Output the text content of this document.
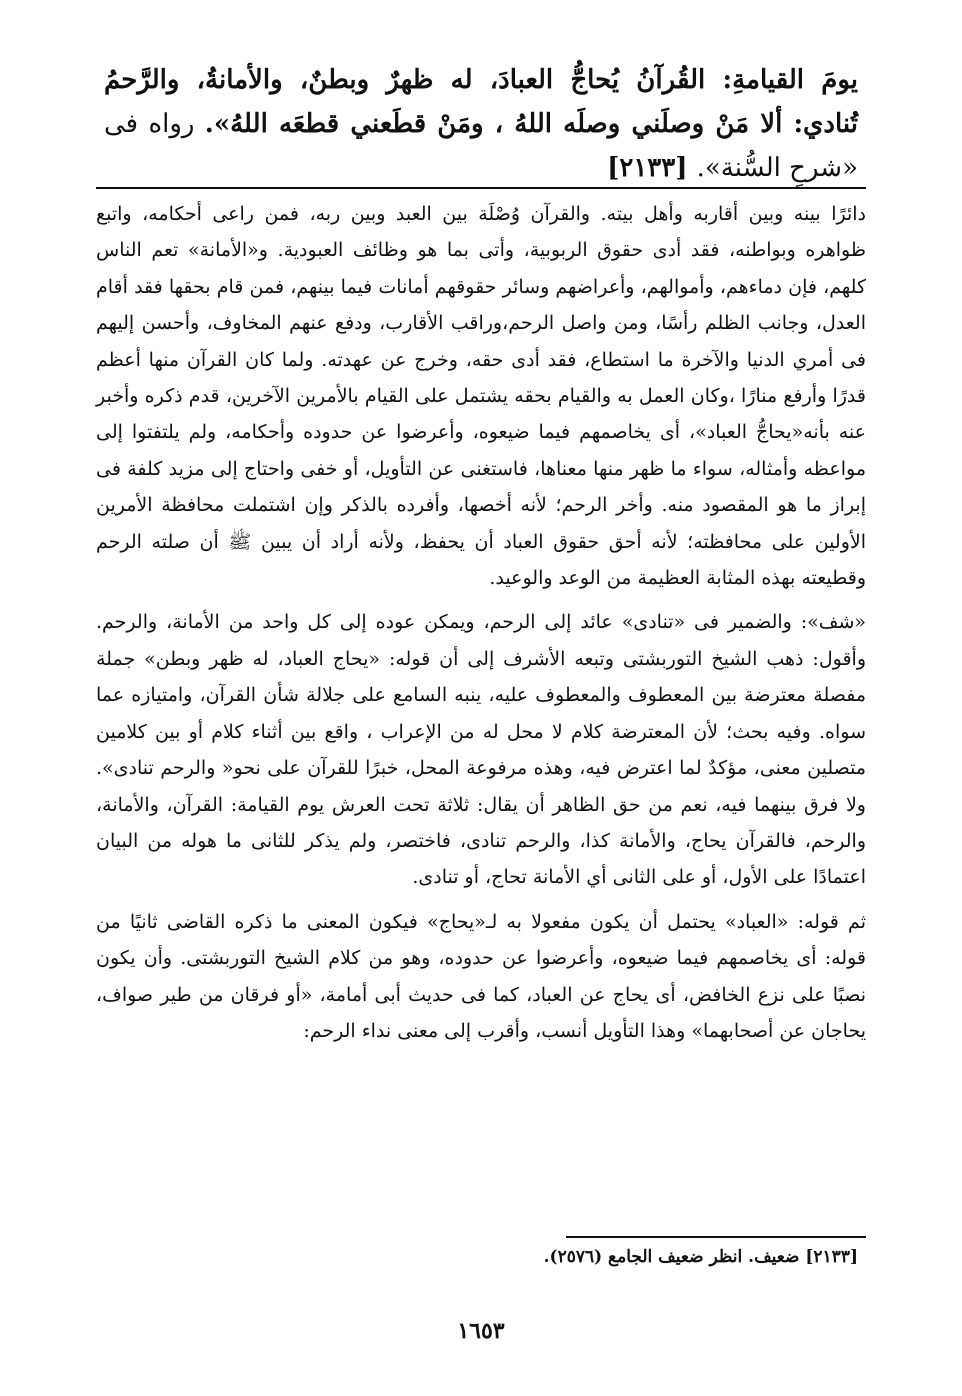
يومَ القيامةِ: القُرآنُ يُحاجُّ العبادَ، له ظهرٌ وبطنٌ، والأمانةُ، والرَّحمُ تُنادي: ألا مَنْ وصلَني وصلَه اللهُ ، ومَنْ قطَعني قطعَه اللهُ». رواه فى «شرحِ السُّنة». [٢١٣٣]

دائرًا بينه وبين أقاربه وأهل بيته. والقرآن وُصْلَة بين العبد وبين ربه، فمن راعى أحكامه، واتبع ظواهره وبواطنه، فقد أدى حقوق الربوبية، وأتى بما هو وظائف العبودية. و«الأمانة» تعم الناس كلهم، فإن دماءهم، وأموالهم، وأعراضهم وسائر حقوقهم أمانات فيما بينهم، فمن قام بحقها فقد أقام العدل، وجانب الظلم رأسًا، ومن واصل الرحم،وراقب الأقارب، ودفع عنهم المخاوف، وأحسن إليهم فى أمري الدنيا والآخرة ما استطاع، فقد أدى حقه، وخرج عن عهدته. ولما كان القرآن منها أعظم قدرًا وأرفع منارًا ،وكان العمل به والقيام بحقه يشتمل على القيام بالأمرين الآخرين، قدم ذكره وأخبر عنه بأنه«يحاجُّ العباد»، أى يخاصمهم فيما ضيعوه، وأعرضوا عن حدوده وأحكامه، ولم يلتفتوا إلى مواعظه وأمثاله، سواء ما ظهر منها معناها، فاستغنى عن التأويل، أو خفى واحتاج إلى مزيد كلفة فى إبراز ما هو المقصود منه. وأخر الرحم؛ لأنه أخصها، وأفرده بالذكر وإن اشتملت محافظة الأمرين الأولين على محافظته؛ لأنه أحق حقوق العباد أن يحفظ، ولأنه أراد أن يبين ﷺ أن صلته الرحم وقطيعته بهذه المثابة العظيمة من الوعد والوعيد.

«شف»: والضمير فى «تنادى» عائد إلى الرحم، ويمكن عوده إلى كل واحد من الأمانة، والرحم. وأقول: ذهب الشيخ التوربشتى وتبعه الأشرف إلى أن قوله: «يحاج العباد، له ظهر وبطن» جملة مفصلة معترضة بين المعطوف والمعطوف عليه، ينبه السامع على جلالة شأن القرآن، وامتيازه عما سواه. وفيه بحث؛ لأن المعترضة كلام لا محل له من الإعراب ، واقع بين أثناء كلام أو بين كلامين متصلين معنى، مؤكدٌ لما اعترض فيه، وهذه مرفوعة المحل، خبرًا للقرآن على نحو« والرحم تنادى». ولا فرق بينهما فيه، نعم من حق الظاهر أن يقال: ثلاثة تحت العرش يوم القيامة: القرآن، والأمانة، والرحم، فالقرآن يحاج، والأمانة كذا، والرحم تنادى، فاختصر، ولم يذكر للثانى ما هوله من البيان اعتمادًا على الأول، أو على الثانى أي الأمانة تحاج، أو تنادى.

ثم قوله: «العباد» يحتمل أن يكون مفعولا به لـ«يحاج» فيكون المعنى ما ذكره القاضى ثانيًا من قوله: أى يخاصمهم فيما ضيعوه، وأعرضوا عن حدوده، وهو من كلام الشيخ التوربشتى. وأن يكون نصبًا على نزع الخافض، أى يحاج عن العباد، كما فى حديث أبى أمامة، «أو فرقان من طير صواف، يحاجان عن أصحابهما» وهذا التأويل أنسب، وأقرب إلى معنى نداء الرحم:

[٢١٣٣] ضعيف. انظر ضعيف الجامع (٢٥٧٦).
١٦٥٣
